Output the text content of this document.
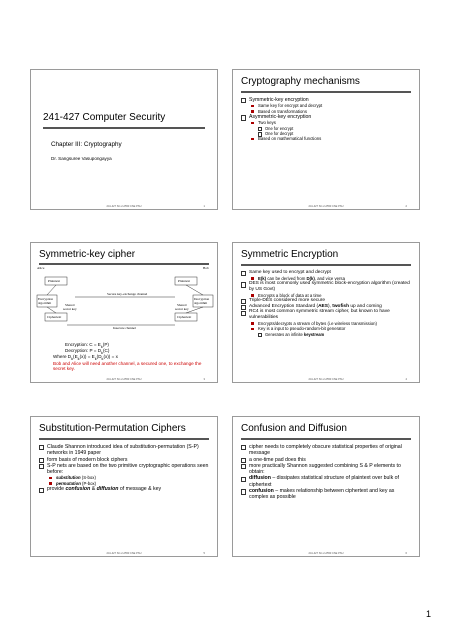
241-427 Computer Security
Chapter III: Cryptography
Dr. Sangsuree Vasupongayya
241-427 SC-2-2553 CSE PSU	1
Cryptography mechanisms
Symmetric-key encryption
Same key for encrypt and decrypt
Based on transformations
Asymmetric-key encryption
Two keys
One for encrypt
One for decrypt
Based on mathematical functions
241-427 SC-2-2553 CSE PSU	2
Symmetric-key cipher
Alice	Bob
Plaintext	Plaintext
Encryption
algorithm
Decryption
algorithm
Secure key-exchange channel
Shared
secret key
Shared
secret key
Ciphertext	Ciphertext
Insecure channel
Encryption: $C = E_k(P)$
Decryption: $P = D_k(C)$
Where $D_k(E_k(x)) = E_k(D_k(x)) = x$
Bob and Alice will need another channel, a secured one, to exchange the secret key.
241-427 SC-2-2553 CSE PSU	3
Symmetric Encryption
Same key used to encrypt and decrypt
E(k) can be derived from D(k), and vice versa
DES is most commonly used symmetric block-encryption algorithm (created by US Govt)
Encrypts a block of data at a time
Triple-DES considered more secure
Advanced Encryption Standard (AES), twofish up and coming
RC4 is most common symmetric stream cipher, but known to have vulnerabilities
Encrypts/decrypts a stream of bytes (i.e wireless transmission)
Key is a input to pseudo-random-bit generator
Generates an infinite keystream
241-427 SC-2-2553 CSE PSU	4
Substitution-Permutation Ciphers
Claude Shannon introduced idea of substitution-permutation (S-P) networks in 1949 paper
form basis of modern block ciphers
S-P nets are based on the two primitive cryptographic operations seen before:
substitution (S-box)
permutation (P-box)
provide confusion & diffusion of message & key
241-427 SC-2-2553 CSE PSU	5
Confusion and Diffusion
cipher needs to completely obscure statistical properties of original message
a one-time pad does this
more practically Shannon suggested combining S & P elements to obtain:
diffusion – dissipates statistical structure of plaintext over bulk of ciphertext
confusion – makes relationship between ciphertext and key as complex as possible
241-427 SC-2-2553 CSE PSU	6
1
